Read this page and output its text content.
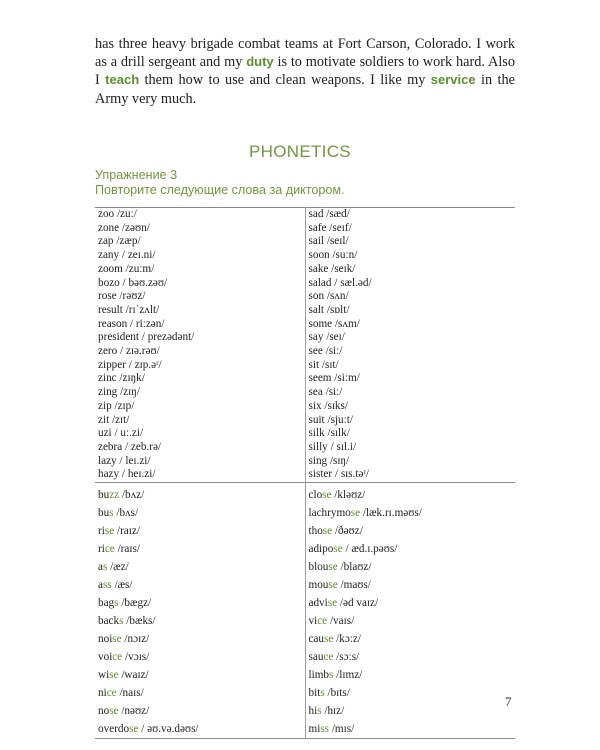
has three heavy brigade combat teams at Fort Carson, Colorado. I work as a drill sergeant and my duty is to motivate soldiers to work hard. Also I teach them how to use and clean weapons. I like my service in the Army very much.

PHONETICS
Упражнение 3
Повторите следующие слова за диктором.
zoo /zuː/	sad /sæd/
zone /zəʊn/	safe /seɪf/
zap /zæp/	sail /seɪl/
zany / zeɪ.ni/	soon /suːn/
zoom /zuːm/	sake /seɪk/
bozo / bəʊ.zəʊ/	salad / sæl.əd/
rose /rəʊz/	son /sʌn/
result /rɪˈzʌlt/	salt /sɒlt/
reason / riːzən/	some /sʌm/
president / prezədənt/	say /seɪ/
zero / zɪə.rəʊ/	see /siː/
zipper / zɪp.əʳ/	sit /sɪt/
zinc /zɪŋk/	seem /siːm/
zing /zɪŋ/	sea /siː/
zip /zɪp/	six /sɪks/
zit /zɪt/	suit /sjuːt/
uzi / uː.zi/	silk /sɪlk/
zebra / zeb.rə/	silly / sɪl.i/
lazy / leɪ.zi/	sing /sɪŋ/
hazy / heɪ.zi/	sister / sɪs.təʳ/
buzz /bʌz/	close /kləʊz/
bus /bʌs/	lachrymose /læk.rɪ.məʊs/
rise /raɪz/	those /ðəʊz/
rice /raɪs/	adipose / æd.ɪ.pəʊs/
as /æz/	blouse /blaʊz/
ass /æs/	mouse /maʊs/
bags /bægz/	advise /əd vaɪz/
backs /bæks/	vice /vaɪs/
noise /nɔɪz/	cause /kɔːz/
voice /vɔɪs/	sauce /sɔːs/
wise /waɪz/	limbs /lɪmz/
nice /naɪs/	bits /bɪts/
nose /nəʊz/	his /hɪz/
overdose / əʊ.və.dəʊs/	miss /mɪs/
7
